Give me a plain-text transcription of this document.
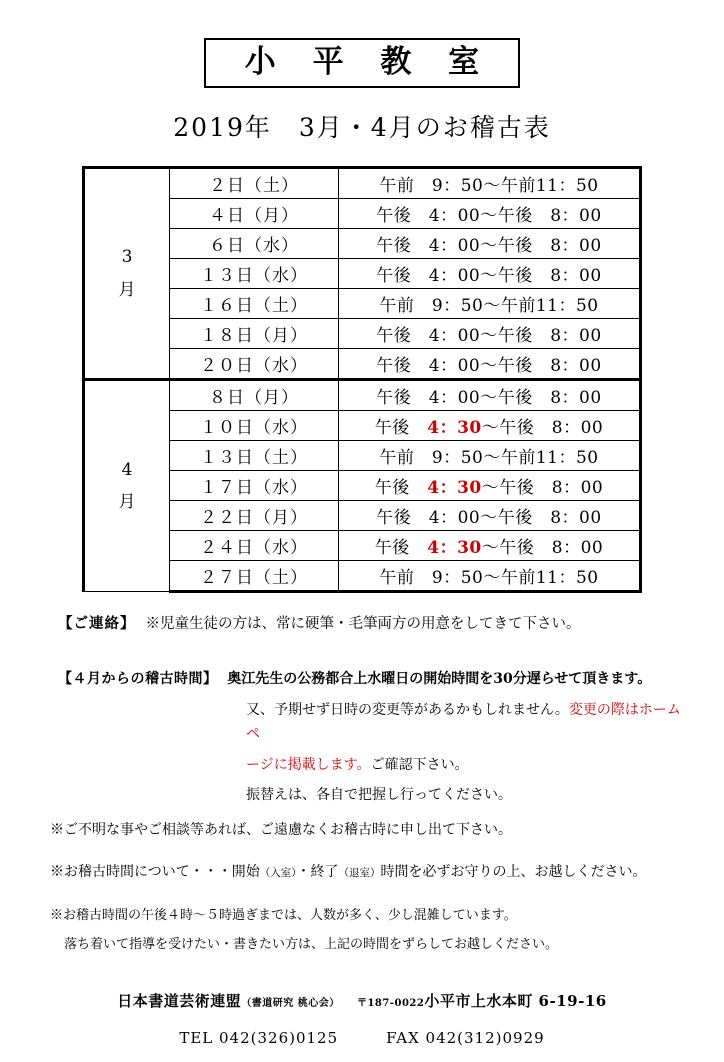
小 平 教 室
2019年　3月・4月のお稽古表
3
月	２日（土）	午前　9：50～午前11：50
	４日（月）	午後　4：00～午後　8：00
	６日（水）	午後　4：00～午後　8：00
	１３日（水）	午後　4：00～午後　8：00
	１６日（土）	午前　9：50～午前11：50
	１８日（月）	午後　4：00～午後　8：00
	２０日（水）	午後　4：00～午後　8：00

4
月	８日（月）	午後　4：00～午後　8：00
	１０日（水）	午後　4：30～午後　8：00
	１３日（土）	午前　9：50～午前11：50
	１７日（水）	午後　4：30～午後　8：00
	２２日（月）	午後　4：00～午後　8：00
	２４日（水）	午後　4：30～午後　8：00
	２７日（土）	午前　9：50～午前11：50
【ご連絡】 ※児童生徒の方は、常に硬筆・毛筆両方の用意をしてきて下さい。
【４月からの稽古時間】 奥江先生の公務都合上水曜日の開始時間を30分遅らせて頂きます。
又、予期せず日時の変更等があるかもしれません。変更の際はホームペ
ージに掲載します。ご確認下さい。
振替えは、各自で把握し行ってください。
※ご不明な事やご相談等あれば、ご遠慮なくお稽古時に申し出て下さい。
※お稽古時間について・・・開始（入室）・終了（退室）時間を必ずお守りの上、お越しください。
※お稽古時間の午後４時～５時過ぎまでは、人数が多く、少し混雑しています。
落ち着いて指導を受けたい・書きたい方は、上記の時間をずらしてお越しください。
日本書道芸術連盟（書道研究 桃心会） 〒187-0022小平市上水本町 6-19-16
TEL 042(326)0125	FAX 042(312)0929
